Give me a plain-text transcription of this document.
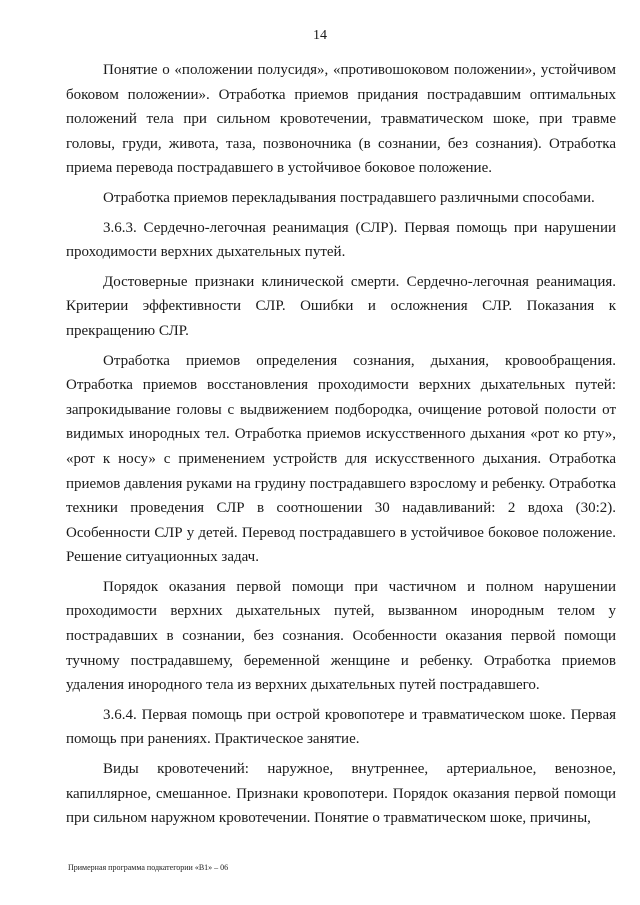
14

Понятие о «положении полусидя», «противошоковом положении», устойчивом боковом положении». Отработка приемов придания пострадавшим оптимальных положений тела при сильном кровотечении, травматическом шоке, при травме головы, груди, живота, таза, позвоночника (в сознании, без сознания). Отработка приема перевода пострадавшего в устойчивое боковое положение.

Отработка приемов перекладывания пострадавшего различными способами.

3.6.3. Сердечно-легочная реанимация (СЛР). Первая помощь при нарушении проходимости верхних дыхательных путей.

Достоверные признаки клинической смерти. Сердечно-легочная реанимация. Критерии эффективности СЛР. Ошибки и осложнения СЛР. Показания к прекращению СЛР.

Отработка приемов определения сознания, дыхания, кровообращения. Отработка приемов восстановления проходимости верхних дыхательных путей: запрокидывание головы с выдвижением подбородка, очищение ротовой полости от видимых инородных тел. Отработка приемов искусственного дыхания «рот ко рту», «рот к носу» с применением устройств для искусственного дыхания. Отработка приемов давления руками на грудину пострадавшего взрослому и ребенку. Отработка техники проведения СЛР в соотношении 30 надавливаний: 2 вдоха (30:2). Особенности СЛР у детей. Перевод пострадавшего в устойчивое боковое положение. Решение ситуационных задач.

Порядок оказания первой помощи при частичном и полном нарушении проходимости верхних дыхательных путей, вызванном инородным телом у пострадавших в сознании, без сознания. Особенности оказания первой помощи тучному пострадавшему, беременной женщине и ребенку. Отработка приемов удаления инородного тела из верхних дыхательных путей пострадавшего.

3.6.4. Первая помощь при острой кровопотере и травматическом шоке. Первая помощь при ранениях. Практическое занятие.

Виды кровотечений: наружное, внутреннее, артериальное, венозное, капиллярное, смешанное. Признаки кровопотери. Порядок оказания первой помощи при сильном наружном кровотечении. Понятие о травматическом шоке, причины,

Примерная программа подкатегории «В1» – 06
